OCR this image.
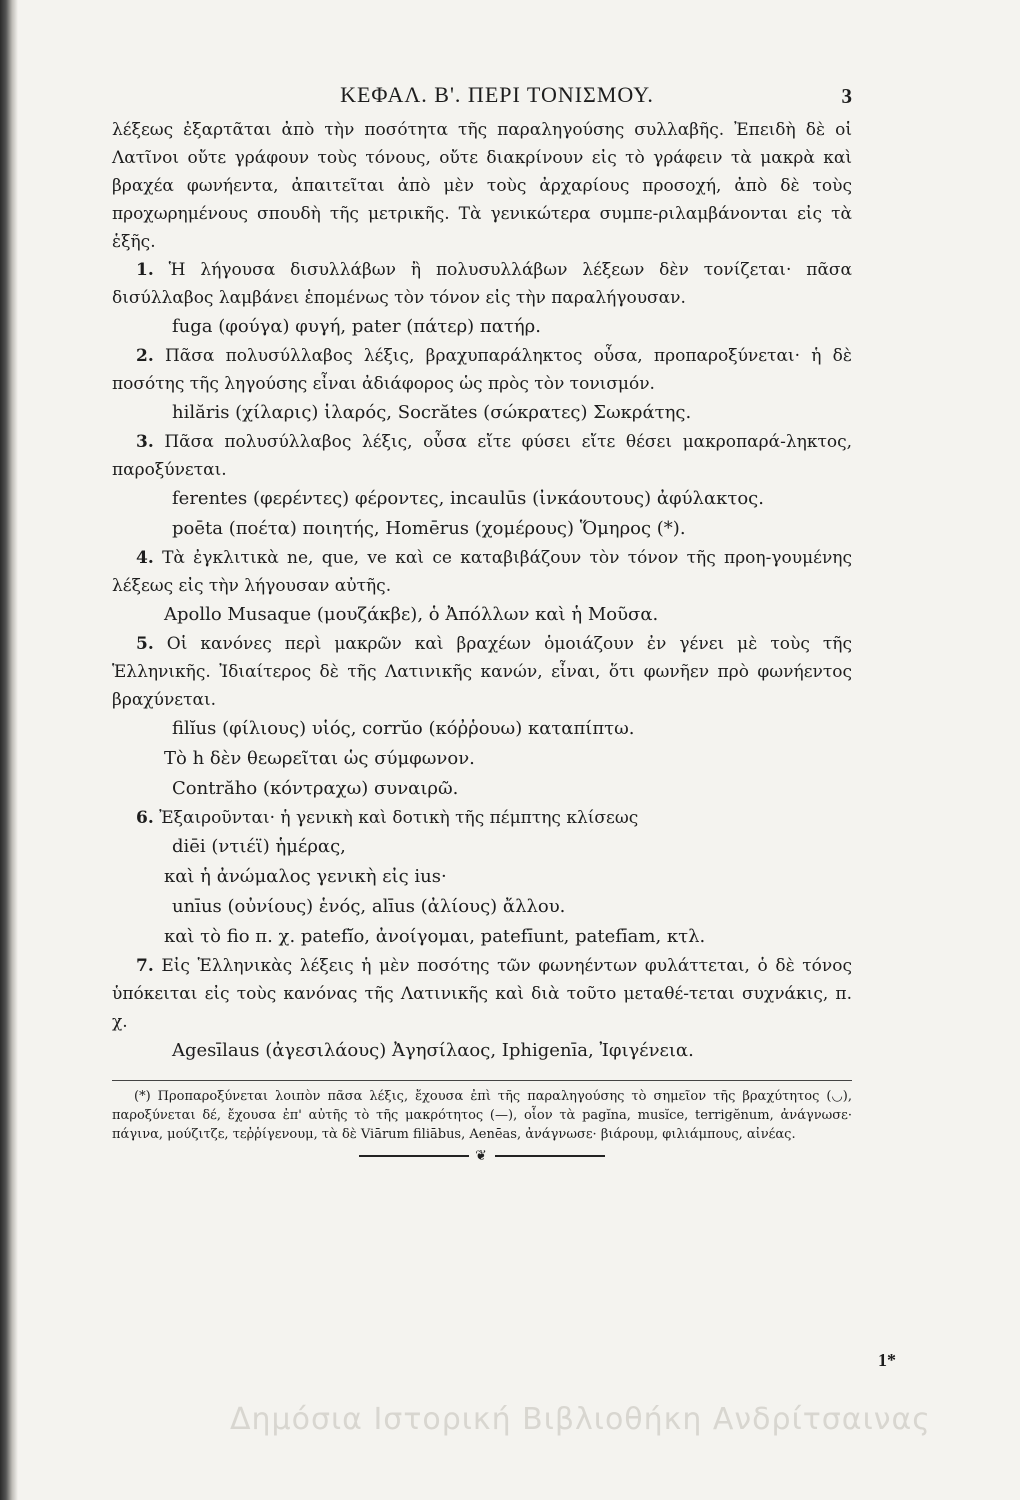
ΚΕΦΑΛ. Β'. ΠΕΡΙ ΤΟΝΙΣΜΟΥ.	3

λέξεως ἐξαρτᾶται ἀπὸ τὴν ποσότητα τῆς παραληγούσης συλλαβῆς. Ἐπειδὴ δὲ οἱ Λατῖνοι οὔτε γράφουν τοὺς τόνους, οὔτε διακρίνουν εἰς τὸ γράφειν τὰ μακρὰ καὶ βραχέα φωνήεντα, ἀπαιτεῖται ἀπὸ μὲν τοὺς ἀρχαρίους προσοχή, ἀπὸ δὲ τοὺς προχωρημένους σπουδὴ τῆς μετρικῆς. Τὰ γενικώτερα συμπε-ριλαμβάνονται εἰς τὰ ἑξῆς.

1. Ἡ λήγουσα δισυλλάβων ἢ πολυσυλλάβων λέξεων δὲν τονίζεται· πᾶσα δισύλλαβος λαμβάνει ἑπομένως τὸν τόνον εἰς τὴν παραλήγουσαν.

fuga (φούγα) φυγή, pater (πάτερ) πατήρ.

2. Πᾶσα πολυσύλλαβος λέξις, βραχυπαράληκτος οὖσα, προπαροξύνεται· ἡ δὲ ποσότης τῆς ληγούσης εἶναι ἀδιάφορος ὡς πρὸς τὸν τονισμόν.

hilăris (χίλαρις) ἱλαρός, Socrătes (σώκρατες) Σωκράτης.

3. Πᾶσα πολυσύλλαβος λέξις, οὖσα εἴτε φύσει εἴτε θέσει μακροπαρά-ληκτος, παροξύνεται.

ferentes (φερέντες) φέροντες, incaulūs (ἰνκάουτους) ἀφύλακτος.

poēta (ποέτα) ποιητής, Homērus (χομέρους) Ὅμηρος (*).

4. Τὰ ἐγκλιτικὰ ne, que, ve καὶ ce καταβιβάζουν τὸν τόνον τῆς προη-γουμένης λέξεως εἰς τὴν λήγουσαν αὐτῆς.

Apollo Musaque (μουζάκβε), ὁ Ἀπόλλων καὶ ἡ Μοῦσα.

5. Οἱ κανόνες περὶ μακρῶν καὶ βραχέων ὁμοιάζουν ἐν γένει μὲ τοὺς τῆς Ἑλληνικῆς. Ἰδιαίτερος δὲ τῆς Λατινικῆς κανών, εἶναι, ὅτι φωνῆεν πρὸ φωνήεντος βραχύνεται.

filĭus (φίλιους) υἱός, corrŭo (κόῤῥουω) καταπίπτω.

Τὸ h δὲν θεωρεῖται ὡς σύμφωνον.

Contrăho (κόντραχω) συναιρῶ.

6. Ἐξαιροῦνται· ἡ γενικὴ καὶ δοτικὴ τῆς πέμπτης κλίσεως

diēi (ντιέϊ) ἡμέρας,

καὶ ἡ ἀνώμαλος γενικὴ εἰς ius·

unīus (οὐνίους) ἑνός, alīus (ἀλίους) ἄλλου.

καὶ τὸ fio π. χ. patefĭo, ἀνοίγομαι, patefīunt, patefīam, κτλ.

7. Εἰς Ἑλληνικὰς λέξεις ἡ μὲν ποσότης τῶν φωνηέντων φυλάττεται, ὁ δὲ τόνος ὑπόκειται εἰς τοὺς κανόνας τῆς Λατινικῆς καὶ διὰ τοῦτο μεταθέ-τεται συχνάκις, π. χ.

Agesīlaus (ἀγεσιλάους) Ἀγησίλαος, Iphigenīa, Ἰφιγένεια.

(*) Προπαροξύνεται λοιπὸν πᾶσα λέξις, ἔχουσα ἐπὶ τῆς παραληγούσης τὸ σημεῖον τῆς βραχύτητος (◡), παροξύνεται δέ, ἔχουσα ἐπ' αὐτῆς τὸ τῆς μακρότητος (—), οἷον τὰ pagĭna, musĭce, terrigĕnum, ἀνάγνωσε· πάγινα, μούζιτζε, τεῤῥίγενουμ, τὰ δὲ Viārum filiābus, Aenēas, ἀνάγνωσε· βιάρουμ, φιλιάμπους, αἰνέας.

❦
1*
Δημόσια Ιστορική Βιβλιοθήκη Ανδρίτσαινας
